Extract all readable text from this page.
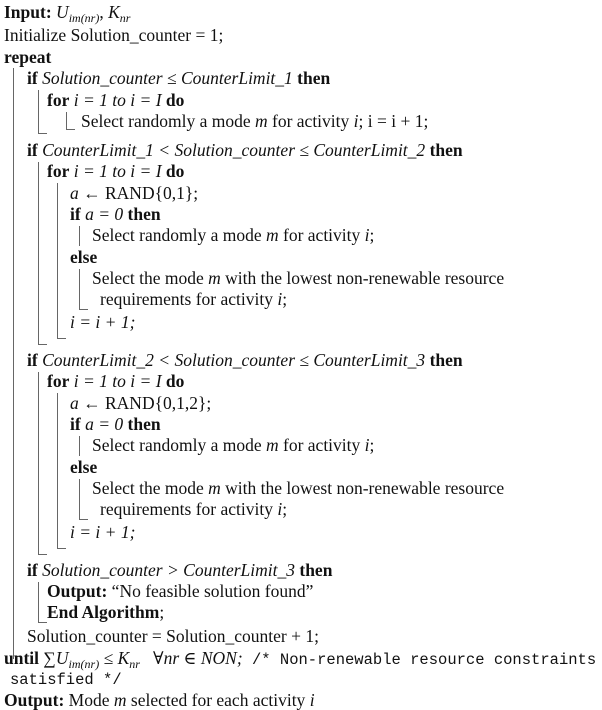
Input: $U_{im(nr)}$, $K_{nr}$
Initialize Solution_counter = 1;
repeat
if Solution_counter ≤ CounterLimit_1 then
for i = 1 to i = I do
Select randomly a mode m for activity i; i = i + 1;
if CounterLimit_1 < Solution_counter ≤ CounterLimit_2 then
for i = 1 to i = I do
a ← RAND{0,1};
if a = 0 then
Select randomly a mode m for activity i;
else
Select the mode m with the lowest non-renewable resource
requirements for activity i;
i = i + 1;
if CounterLimit_2 < Solution_counter ≤ CounterLimit_3 then
for i = 1 to i = I do
a ← RAND{0,1,2};
if a = 0 then
Select randomly a mode m for activity i;
else
Select the mode m with the lowest non-renewable resource
requirements for activity i;
i = i + 1;
if Solution_counter > CounterLimit_3 then
Output: “No feasible solution found”
End Algorithm;
Solution_counter = Solution_counter + 1;
until $\sum U_{im(nr)} \le K_{nr}$ ∀nr ∈ NON; /* Non-renewable resource constraints
satisfied */
Output: Mode m selected for each activity i
